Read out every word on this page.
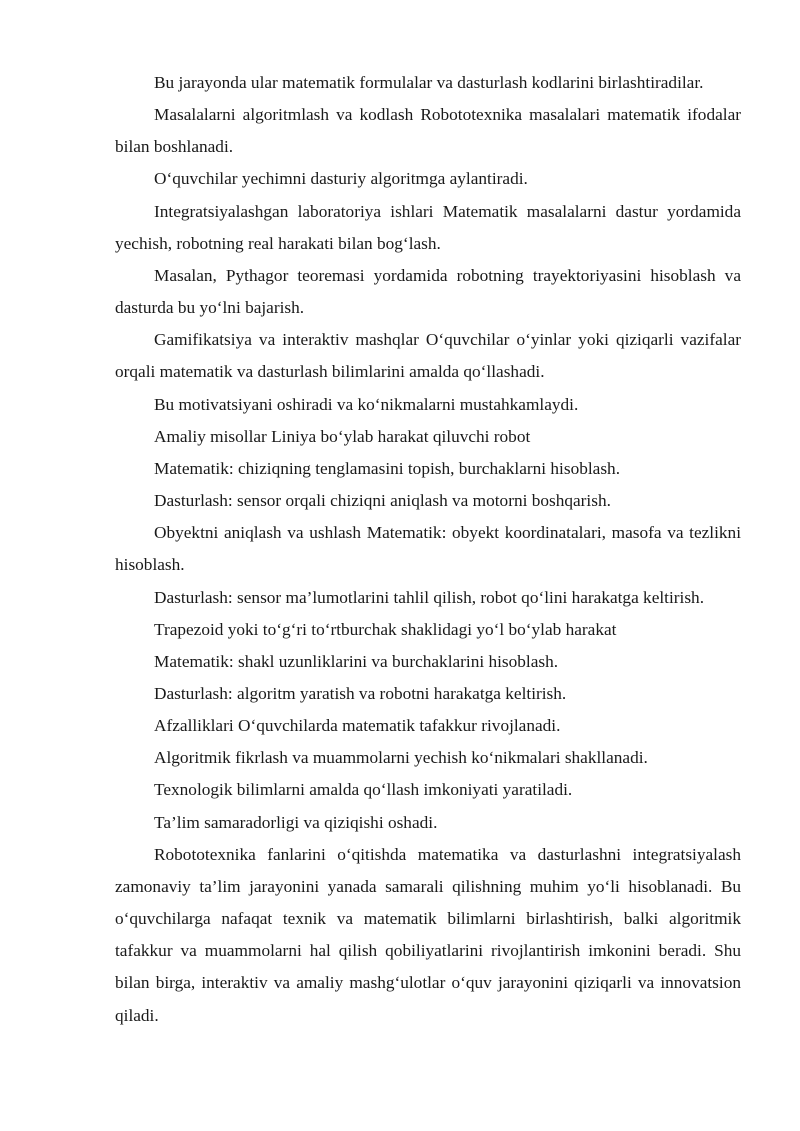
Bu jarayonda ular matematik formulalar va dasturlash kodlarini birlashtiradilar.

Masalalarni algoritmlash va kodlash Robototexnika masalalari matematik ifodalar bilan boshlanadi.

O‘quvchilar yechimni dasturiy algoritmga aylantiradi.

Integratsiyalashgan laboratoriya ishlari Matematik masalalarni dastur yordamida yechish, robotning real harakati bilan bog‘lash.

Masalan, Pythagor teoremasi yordamida robotning trayektoriyasini hisoblash va dasturda bu yo‘lni bajarish.

Gamifikatsiya va interaktiv mashqlar O‘quvchilar o‘yinlar yoki qiziqarli vazifalar orqali matematik va dasturlash bilimlarini amalda qo‘llashadi.

Bu motivatsiyani oshiradi va ko‘nikmalarni mustahkamlaydi.

Amaliy misollar Liniya bo‘ylab harakat qiluvchi robot

Matematik: chiziqning tenglamasini topish, burchaklarni hisoblash.

Dasturlash: sensor orqali chiziqni aniqlash va motorni boshqarish.

Obyektni aniqlash va ushlash Matematik: obyekt koordinatalari, masofa va tezlikni hisoblash.

Dasturlash: sensor ma’lumotlarini tahlil qilish, robot qo‘lini harakatga keltirish.

Trapezoid yoki to‘g‘ri to‘rtburchak shaklidagi yo‘l bo‘ylab harakat

Matematik: shakl uzunliklarini va burchaklarini hisoblash.

Dasturlash: algoritm yaratish va robotni harakatga keltirish.

Afzalliklari O‘quvchilarda matematik tafakkur rivojlanadi.

Algoritmik fikrlash va muammolarni yechish ko‘nikmalari shakllanadi.

Texnologik bilimlarni amalda qo‘llash imkoniyati yaratiladi.

Ta’lim samaradorligi va qiziqishi oshadi.

Robototexnika fanlarini o‘qitishda matematika va dasturlashni integratsiyalash zamonaviy ta’lim jarayonini yanada samarali qilishning muhim yo‘li hisoblanadi. Bu o‘quvchilarga nafaqat texnik va matematik bilimlarni birlashtirish, balki algoritmik tafakkur va muammolarni hal qilish qobiliyatlarini rivojlantirish imkonini beradi. Shu bilan birga, interaktiv va amaliy mashg‘ulotlar o‘quv jarayonini qiziqarli va innovatsion qiladi.
